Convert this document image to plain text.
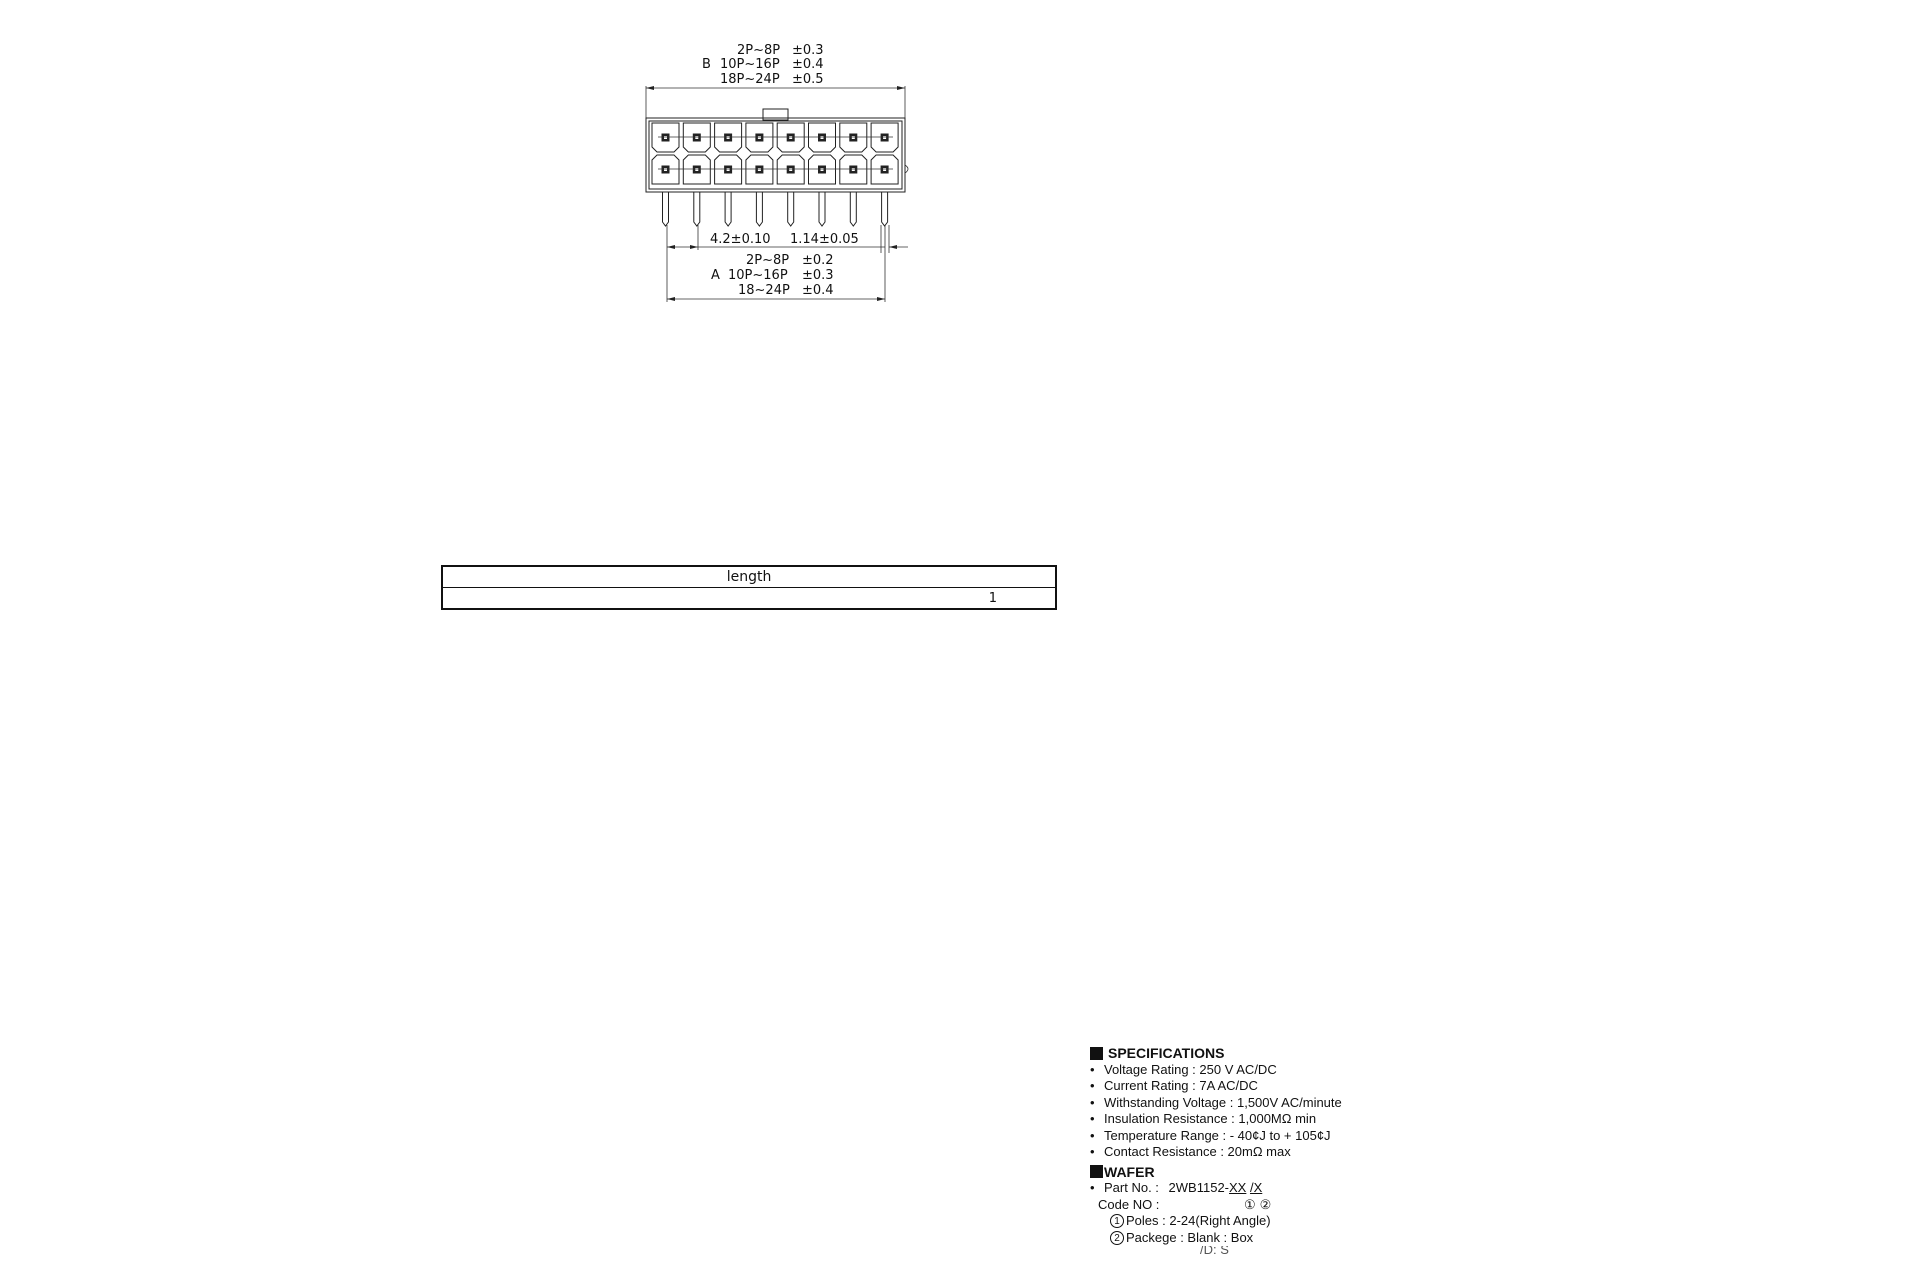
B
2P~8P ±0.3
10P~16P ±0.4
18P~24P ±0.5
4.2±0.10 1.14±0.05
2P~8P ±0.2
A 10P~16P ±0.3
18~24P ±0.4
length
1
SPECIFICATIONS
• Voltage Rating : 250 V AC/DC
• Current Rating : 7A AC/DC
• Withstanding Voltage : 1,500V AC/minute
• Insulation Resistance : 1,000MΩ min
• Temperature Range : - 40¢J to + 105¢J
• Contact Resistance : 20mΩ max
WAFER
• Part No. : 2WB1152-XX /X
Code NO :	① ②
1 Poles : 2-24(Right Angle)
2 Packege : Blank : Box
/D: S
